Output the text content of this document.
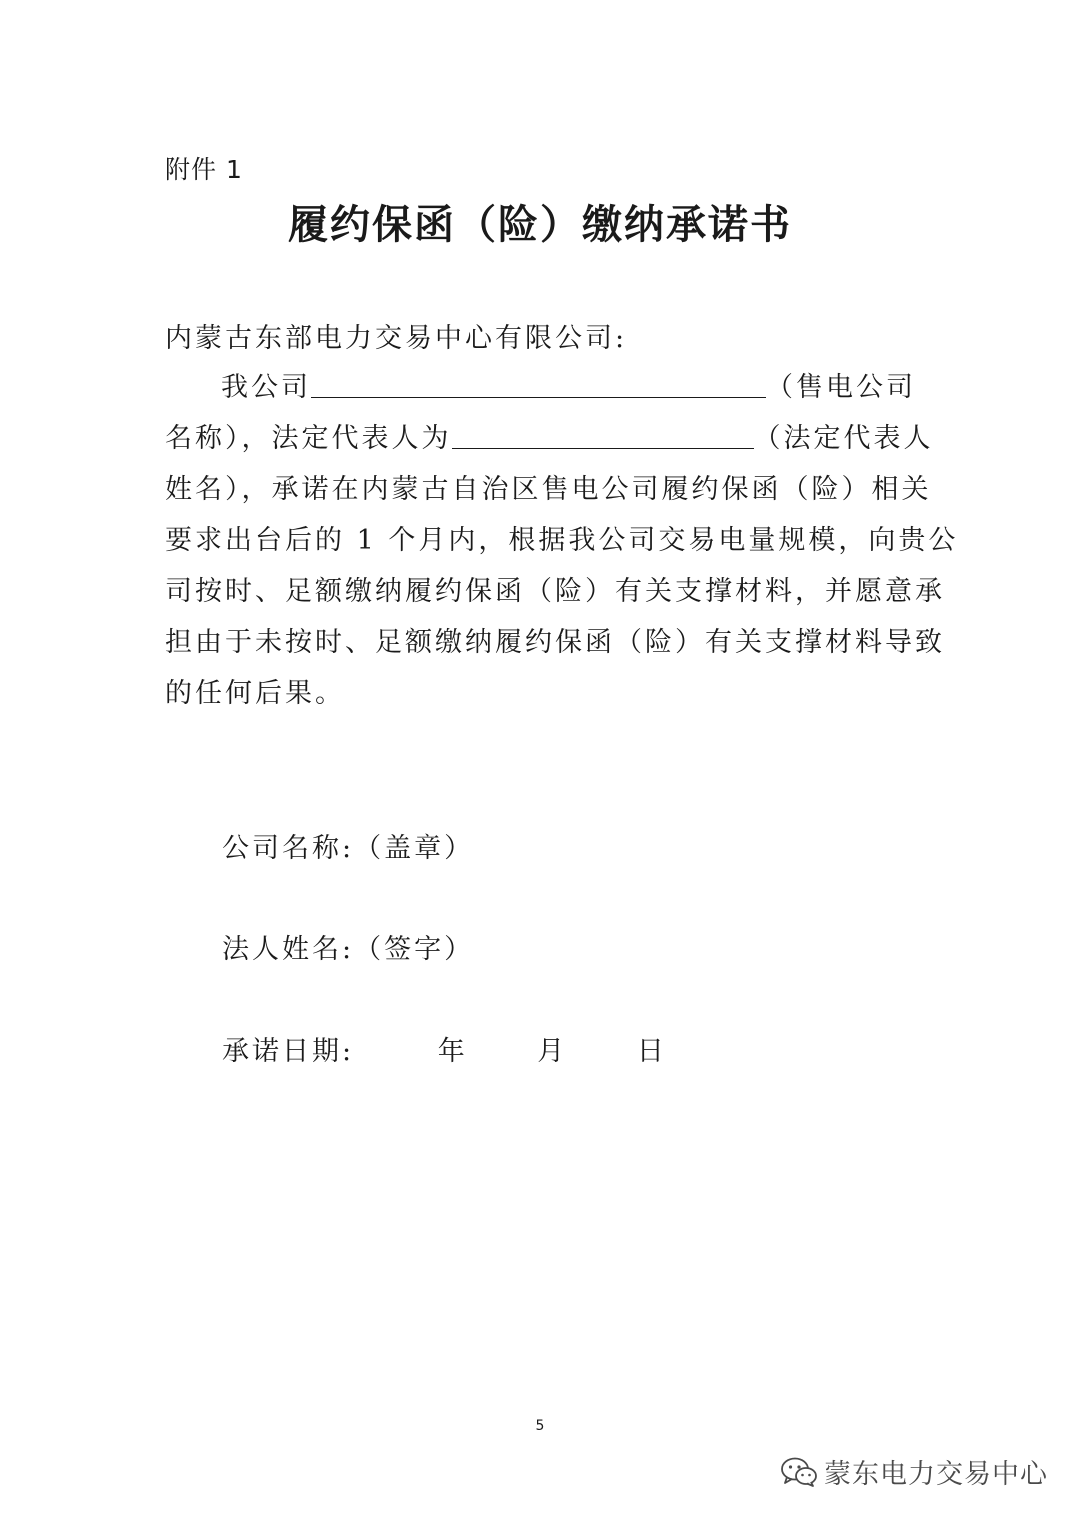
附件 1
履约保函（险）缴纳承诺书
内蒙古东部电力交易中心有限公司:
我公司	（售电公司
名称），法定代表人为	（法定代表人
姓名），承诺在内蒙古自治区售电公司履约保函（险）相关
要求出台后的 1 个月内，根据我公司交易电量规模，向贵公
司按时、足额缴纳履约保函（险）有关支撑材料，并愿意承
担由于未按时、足额缴纳履约保函（险）有关支撑材料导致
的任何后果。
公司名称:（盖章）
法人姓名:（签字）
承诺日期:	年	月	日
5
蒙东电力交易中心
